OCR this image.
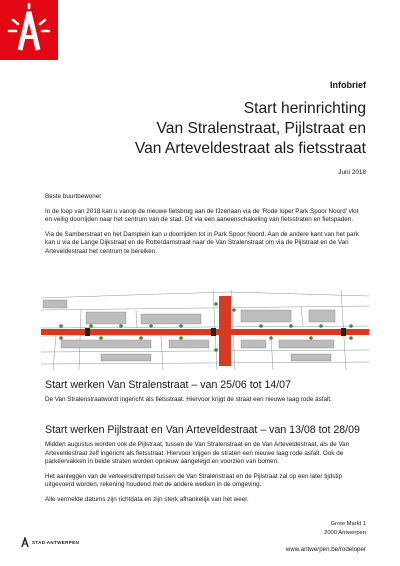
Infobrief
Start herinrichting
Van Stralenstraat, Pijlstraat en
Van Arteveldestraat als fietsstraat
Juni 2018

Beste buurtbewoner

In de loop van 2018 kan u vanop de nieuwe fietsbrug aan de IJzerlaan via de ‘Rode loper Park Spoor Noord’ vlot en veilig doorrijden naar het centrum van de stad. Dit via een aaneenschakeling van fietsstraten en fietspaden.

Via de Samberstraat en het Damplein kan u doorrijden tot in Park Spoor Noord. Aan de andere kant van het park kan u via de Lange Dijkstraat en de Rotterdamstraat naar de Van Stralenstraat om via de Pijlstraat en de Van Arteveldestraat het centrum te bereiken.

Start werken Van Stralenstraat – van 25/06 tot 14/07

De Van Stralenstraatwordt ingericht als fietsstraat. Hiervoor krijgt de straat een nieuwe laag rode asfalt.

Start werken Pijlstraat en Van Arteveldestraat – van 13/08 tot 28/09

Midden augustus worden ook de Pijlstraat, tussen de Van Stralenstraat en de Van Arteveldestraat, als de Van Arteveldestraat zelf ingericht als fietsstraat. Hiervoor krijgen de straten een nieuwe laag rode asfalt. Ook de parkeervakken in beide straten worden opnieuw aangelegd en voorzien van bomen.

Het aanleggen van de verkeersdrempel tussen de Van Stralenstraat en de Pijlstraat zal op een later tijdstip uitgevoerd worden, rekening houdend met de andere werken in de omgeving.

Alle vermelde datums zijn richtdata en zijn sterk afhankelijk van het weer.

Grote Markt 1
2000 Antwerpen
www.antwerpen.be/rodeloper
STAD ANTWERPEN
